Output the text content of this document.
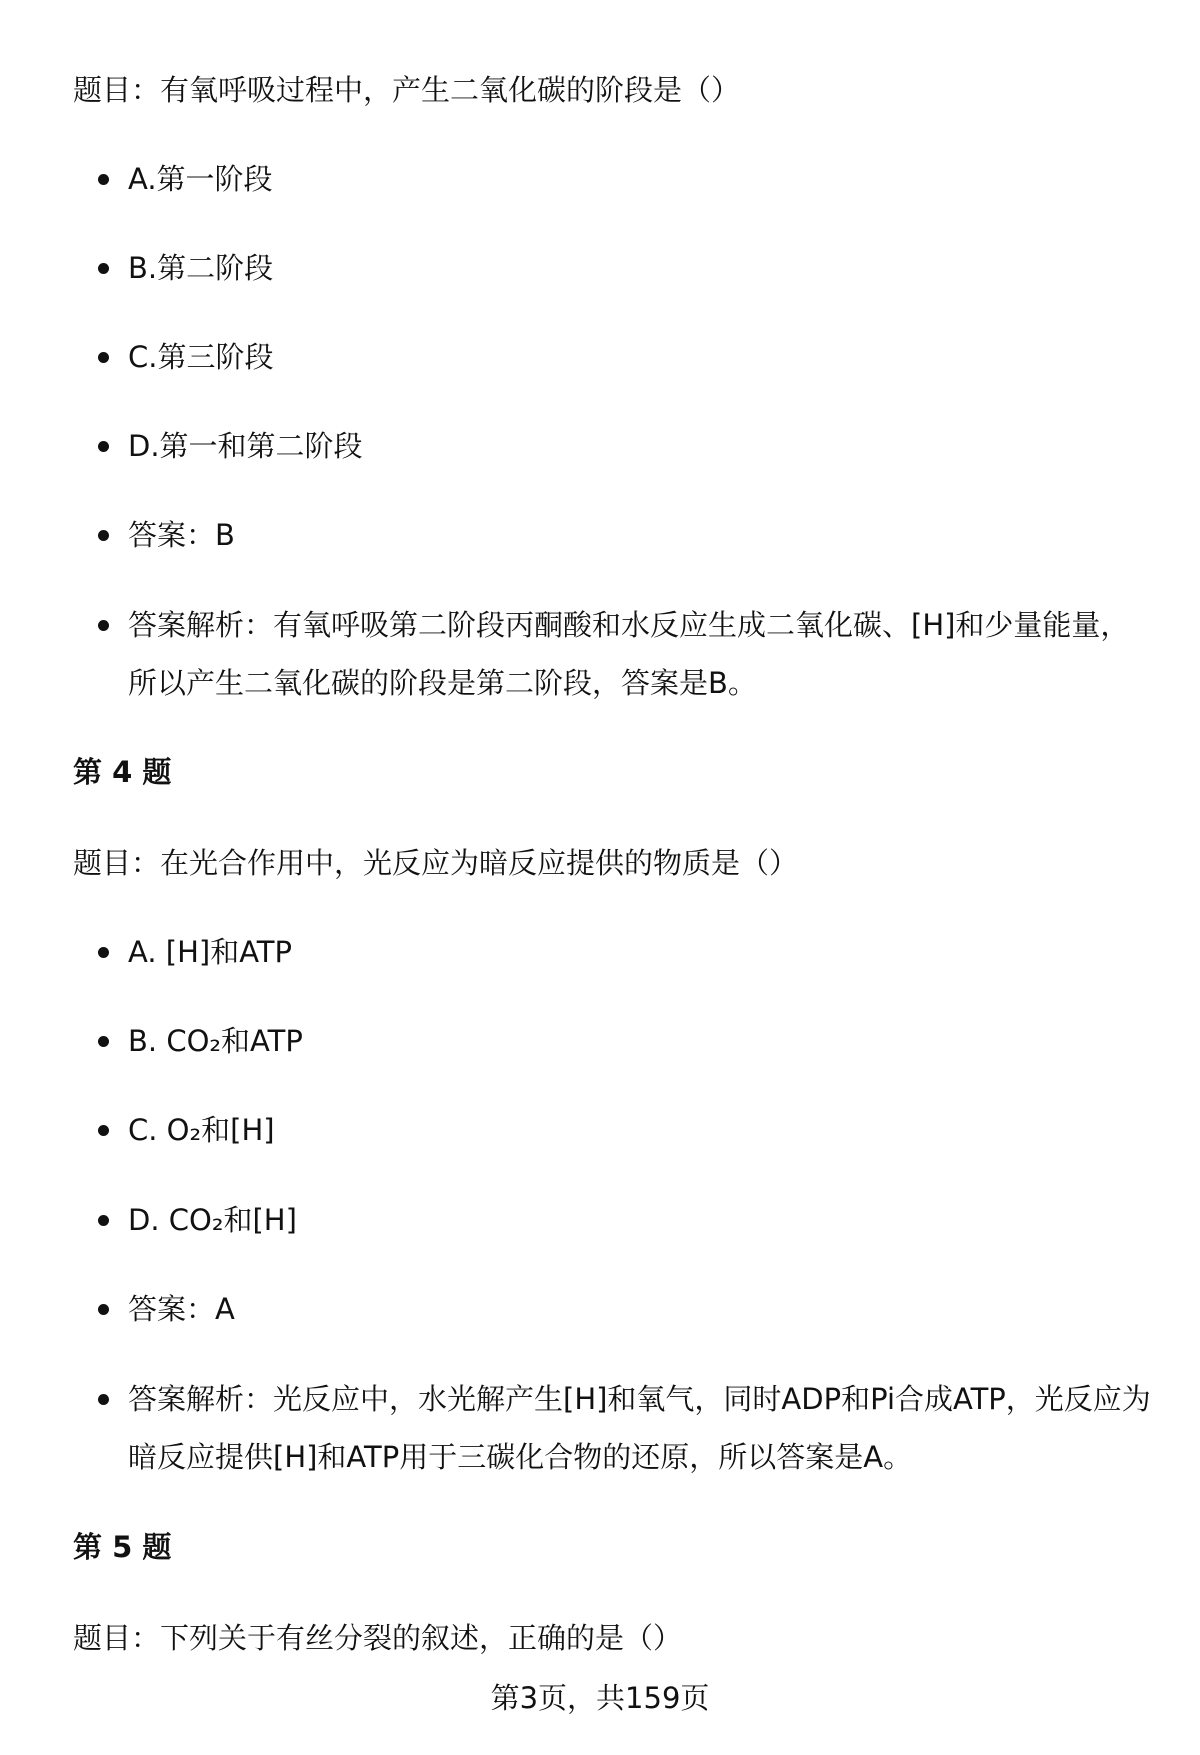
题目：有氧呼吸过程中，产生二氧化碳的阶段是（）
A.第一阶段
B.第二阶段
C.第三阶段
D.第一和第二阶段
答案：B
答案解析：有氧呼吸第二阶段丙酮酸和水反应生成二氧化碳、[H]和少量能量，所以产生二氧化碳的阶段是第二阶段，答案是B。
第 4 题
题目：在光合作用中，光反应为暗反应提供的物质是（）
A. [H]和ATP
B. CO₂和ATP
C. O₂和[H]
D. CO₂和[H]
答案：A
答案解析：光反应中，水光解产生[H]和氧气，同时ADP和Pi合成ATP，光反应为暗反应提供[H]和ATP用于三碳化合物的还原，所以答案是A。
第 5 题
题目：下列关于有丝分裂的叙述，正确的是（）
第3页，共159页
